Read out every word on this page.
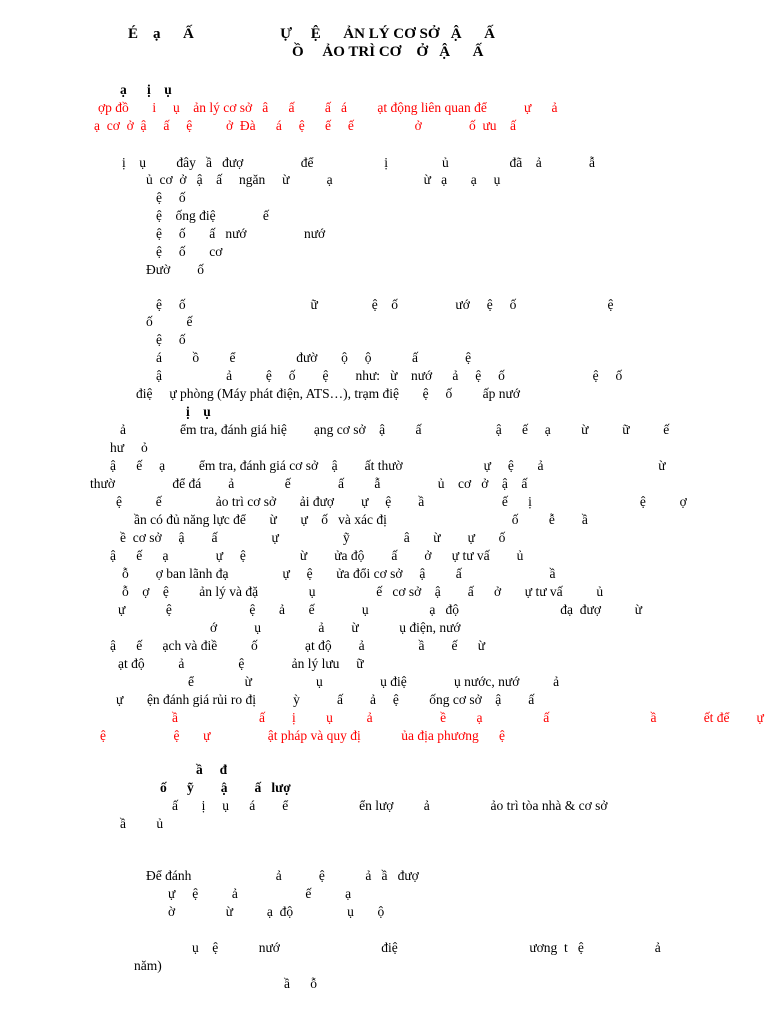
É    ạ      Ấ                       Ự     Ệ      ẢN LÝ CƠ SỞ   Ậ      Ấ
Ồ     ẢO TRÌ CƠ    Ở   Ậ      Ấ
ạ      ị    ụ
ợp đồ       i     ụ    ản lý cơ sở   â      ấ         ấ   á         ạt động liên quan để           ự      ả
ạ  cơ  ở  ậ     ấ     ệ          ở  Đà      á     ệ      ế     ế                  ở              ố  ưu    ấ
ị    ụ         đây   ầ   đượ                 để                     ị                ủ                  đã    ả              ẫ
ủ  cơ  ở   ậ    ấ     ngăn     ừ           ạ                           ừ   ạ       ạ     ụ
ệ     ố
ệ    ống điệ              ế
ệ     ố       ấ   nướ                 nướ
ệ     ố       cơ
Đườ        ố
ệ     ố                                     ữ                ệ    ố                 ướ     ệ     ố                           ệ
ố          ế
ệ     ố
á         ồ         ể                  đườ       ộ     ộ            ấ              ệ
ậ                   ả          ệ     ố        ệ        như:   ừ    nướ      ả     ệ     ố                          ệ     ố
điệ     ự phòng (Máy phát điện, ATS…), trạm điệ       ệ     ố         ấp nướ
ị    ụ
ả                ểm tra, đánh giá hiệ        ạng cơ sở    ậ         ấ                      ậ      ế     ạ         ừ          ữ          ế
hư     ỏ
ậ      ế     ạ          ểm tra, đánh giá cơ sở    ậ        ất thườ                        ự     ệ       ả                                  ừ
thườ                 để đá        ả               ế              ấ         ẫ                 ủ    cơ   ở    ậ    ấ
ệ          ế                ảo trì cơ sở       ải đượ        ự     ệ        ầ                       ế      ị                                ệ          ợ
ần có đủ năng lực để       ừ       ự    ố   và xác đị                                     ố         ễ        ầ
ề  cơ sở     ậ        ấ                ự                   ỹ                â       ừ        ự       ố
ậ      ế      ạ              ự     ệ                ừ        ửa độ        ấ        ở      ự tư vấ        ủ
ỗ        ợ ban lãnh đạ                ự     ệ       ửa đổi cơ sở     ậ         ấ                          ầ
ỗ    ợ    ệ         ản lý và đặ               ụ                  ế   cơ sở    ậ        ấ      ở       ự tư vấ          ủ
ự            ệ                       ệ       ả       ế              ụ                  ạ   độ                              đạ  đượ          ừ
ớ           ụ                 ả        ừ            ụ điện, nướ
ậ      ế      ạch và điề          ố              ạt độ        ả                ầ        ế      ừ
ạt độ          ả                ệ              ản lý lưu     ữ
ể               ừ                   ụ                 ụ điệ              ụ nước, nướ          ả
ự       ện đánh giá rủi ro đị           ỳ           ấ        ả     ệ         ống cơ sở    ậ        ấ
ầ                        ấ        ị         ụ          ả                    ề         ạ                  ấ                              ầ              ết để        ự
ệ                    ệ       ự                 ật pháp và quy đị            ủa địa phương      ệ
ầ     đ
ố      ỹ        ậ        ấ   lượ
ấ       ị     ụ      á        ể                     ển lượ         ả                  ảo trì tòa nhà & cơ sở
ầ         ủ
Để đánh                         ả           ệ            ả   ầ   đượ
ự     ệ          ả                    ế          ạ
ờ               ừ          ạ  độ                ụ       ộ
ụ    ệ            nướ                              điệ                                       ương  t   ệ                     ả
năm)
ầ      ỗ
